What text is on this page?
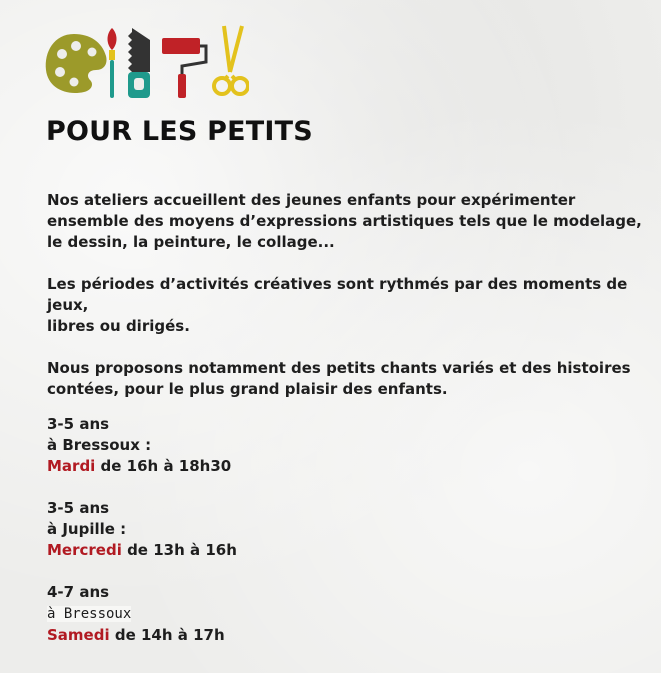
POUR LES PETITS

Nos ateliers accueillent des jeunes enfants pour expérimenter

ensemble des moyens d’expressions artistiques tels que le modelage,

le dessin, la peinture, le collage...

Les périodes d’activités créatives sont rythmés par des moments de jeux,

libres ou dirigés.

Nous proposons notamment des petits chants variés et des histoires

contées, pour le plus grand plaisir des enfants.

3-5 ans

à Bressoux :

Mardi de 16h à 18h30

3-5 ans

à Jupille :

Mercredi de 13h à 16h

4-7 ans

à Bressoux

Samedi de 14h à 17h
